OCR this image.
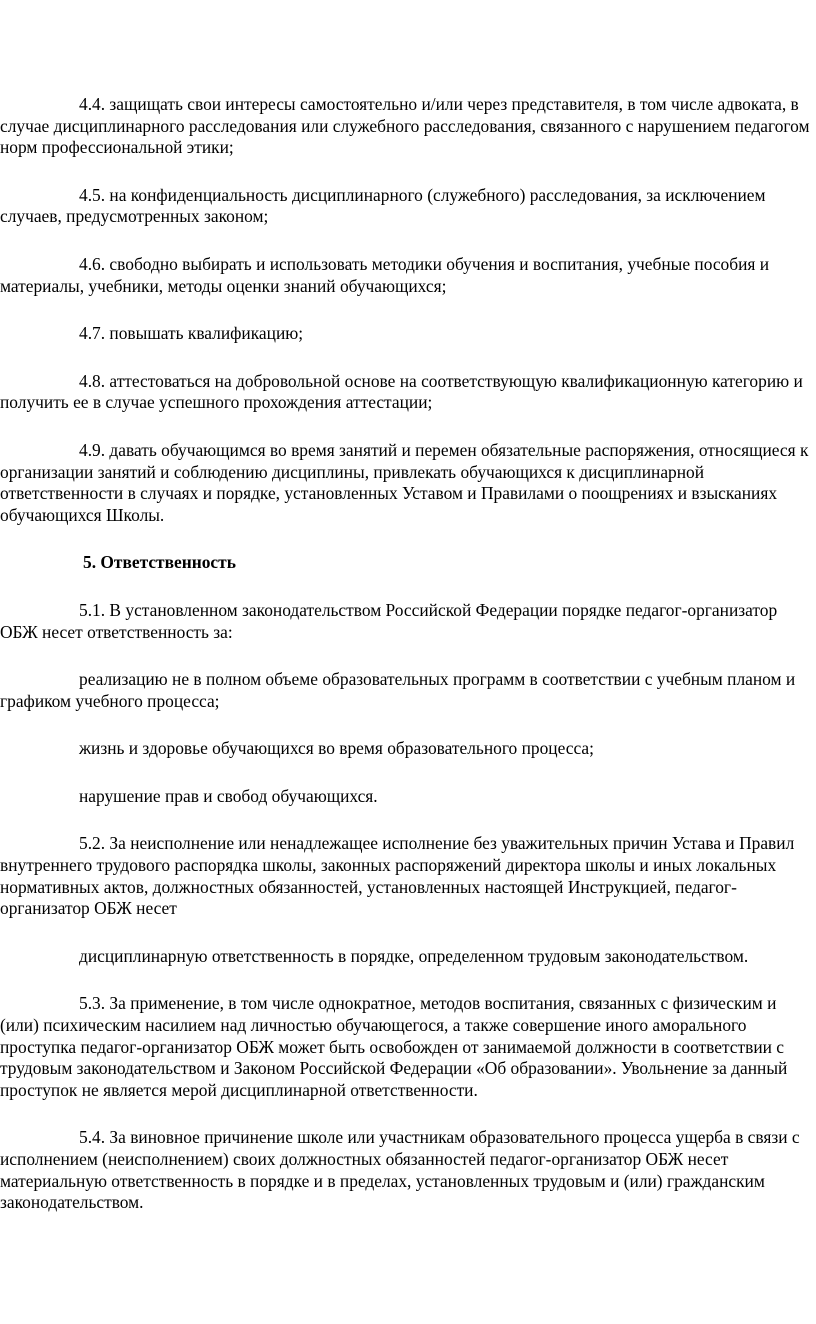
4.4. защищать свои интересы самостоятельно и/или через представителя, в том числе адвоката, в случае дисциплинарного расследования или служебного расследования, связанного с нарушением педагогом норм профессиональной этики;

4.5. на конфиденциальность дисциплинарного (служебного) расследования, за исключением случаев, предусмотренных законом;

4.6. свободно выбирать и использовать методики обучения и воспитания, учебные пособия и материалы, учебники, методы оценки знаний обучающихся;

4.7. повышать квалификацию;

4.8. аттестоваться на добровольной основе на соответствующую квалификационную категорию и получить ее в случае успешного прохождения аттестации;

4.9. давать обучающимся во время занятий и перемен обязательные распоряжения, относящиеся к организации занятий и соблюдению дисциплины, привлекать обучающихся к дисциплинарной ответственности в случаях и порядке, установленных Уставом и Правилами о поощрениях и взысканиях обучающихся Школы.

5. Ответственность

5.1. В установленном законодательством Российской Федерации порядке педагог-организатор ОБЖ несет ответственность за:

реализацию не в полном объеме образовательных программ в соответствии с учебным планом и графиком учебного процесса;

жизнь и здоровье обучающихся во время образовательного процесса;

нарушение прав и свобод обучающихся.

5.2. За неисполнение или ненадлежащее исполнение без уважительных причин Устава и Правил внутреннего трудового распорядка школы, законных распоряжений директора школы и иных локальных нормативных актов, должностных обязанностей, установленных настоящей Инструкцией, педагог-организатор ОБЖ несет

дисциплинарную ответственность в порядке, определенном трудовым законодательством.

5.3. За применение, в том числе однократное, методов воспитания, связанных с физическим и (или) психическим насилием над личностью обучающегося, а также совершение иного аморального проступка педагог-организатор ОБЖ может быть освобожден от занимаемой должности в соответствии с трудовым законодательством и Законом Российской Федерации «Об образовании». Увольнение за данный проступок не является мерой дисциплинарной ответственности.

5.4. За виновное причинение школе или участникам образовательного процесса ущерба в связи с исполнением (неисполнением) своих должностных обязанностей педагог-организатор ОБЖ несет материальную ответственность в порядке и в пределах, установленных трудовым и (или) гражданским законодательством.
